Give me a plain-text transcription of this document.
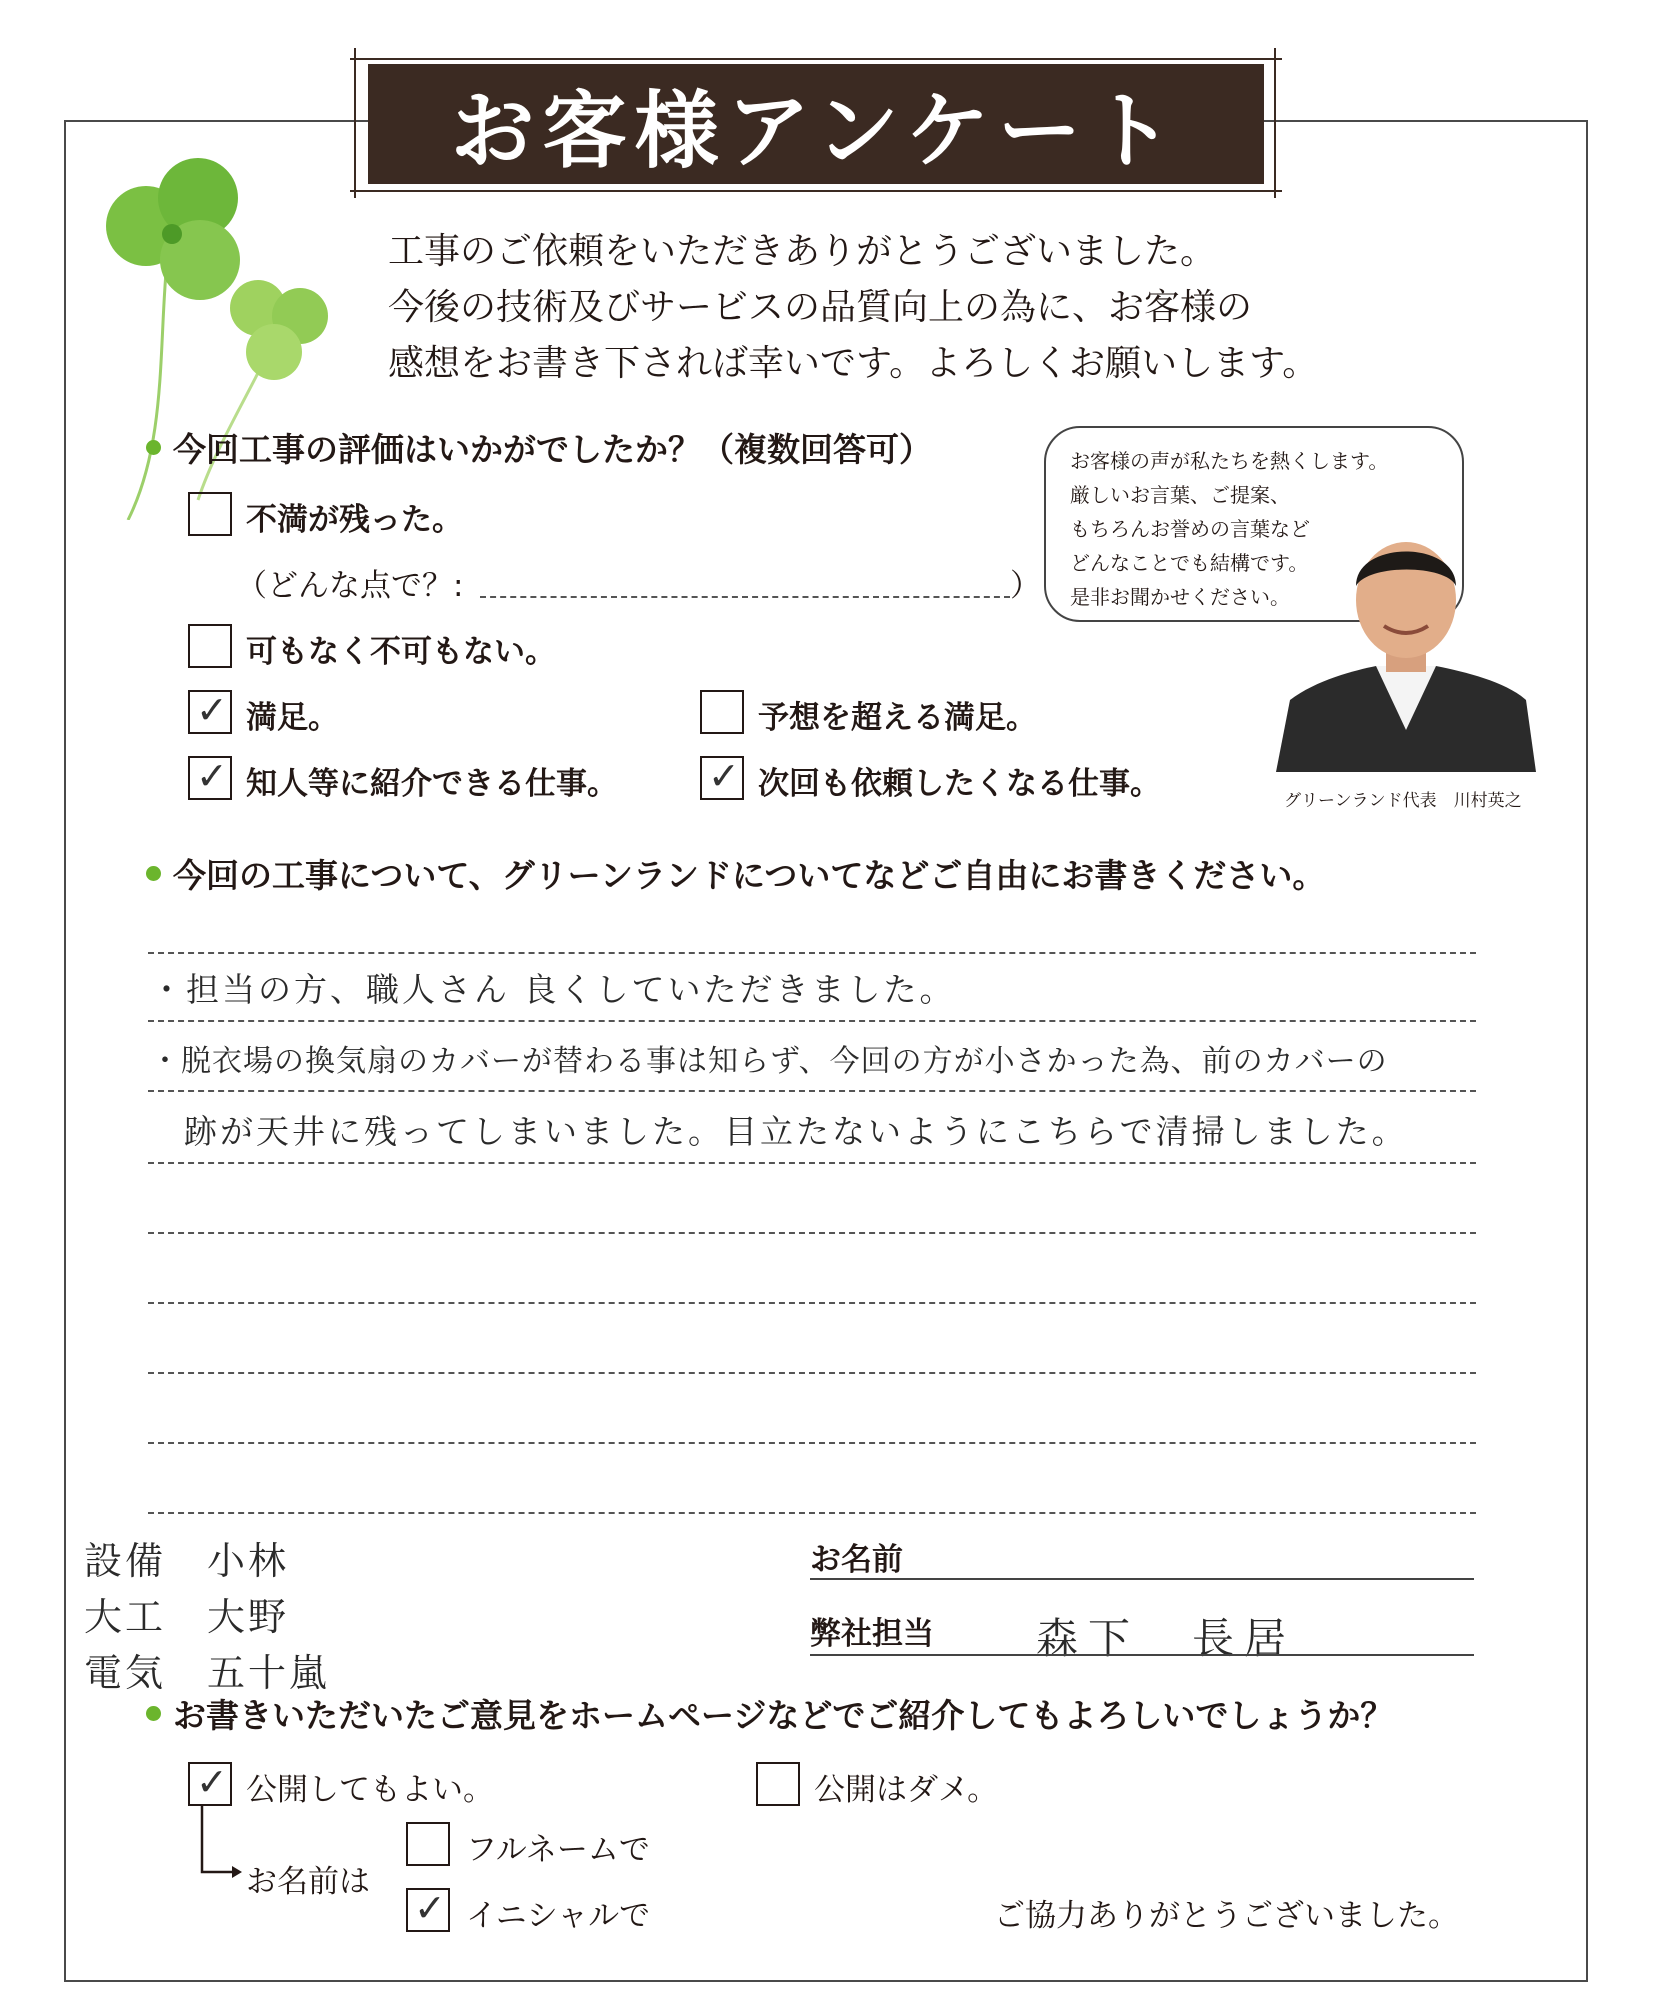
お客様アンケート
工事のご依頼をいただきありがとうございました。
今後の技術及びサービスの品質向上の為に、お客様の
感想をお書き下されば幸いです。よろしくお願いします。
今回工事の評価はいかがでしたか？（複数回答可）
不満が残った。
（どんな点で？:	）
可もなく不可もない。
✓ 満足。	予想を超える満足。
✓ 知人等に紹介できる仕事。 ✓ 次回も依頼したくなる仕事。
お客様の声が私たちを熱くします。
厳しいお言葉、ご提案、
もちろんお誉めの言葉など
どんなことでも結構です。
是非お聞かせください。
グリーンランド代表　川村英之
今回の工事について、グリーンランドについてなどご自由にお書きください。
・担当の方、職人さん 良くしていただきました。
・脱衣場の換気扇のカバーが替わる事は知らず、今回の方が小さかった為、前のカバーの
跡が天井に残ってしまいました。目立たないようにこちらで清掃しました。
設備　小林
大工　大野
電気　五十嵐
お名前
弊社担当 森下　長居
お書きいただいたご意見をホームページなどでご紹介してもよろしいでしょうか？
✓ 公開してもよい。	公開はダメ。
お名前は
フルネームで
✓ イニシャルで	ご協力ありがとうございました。
